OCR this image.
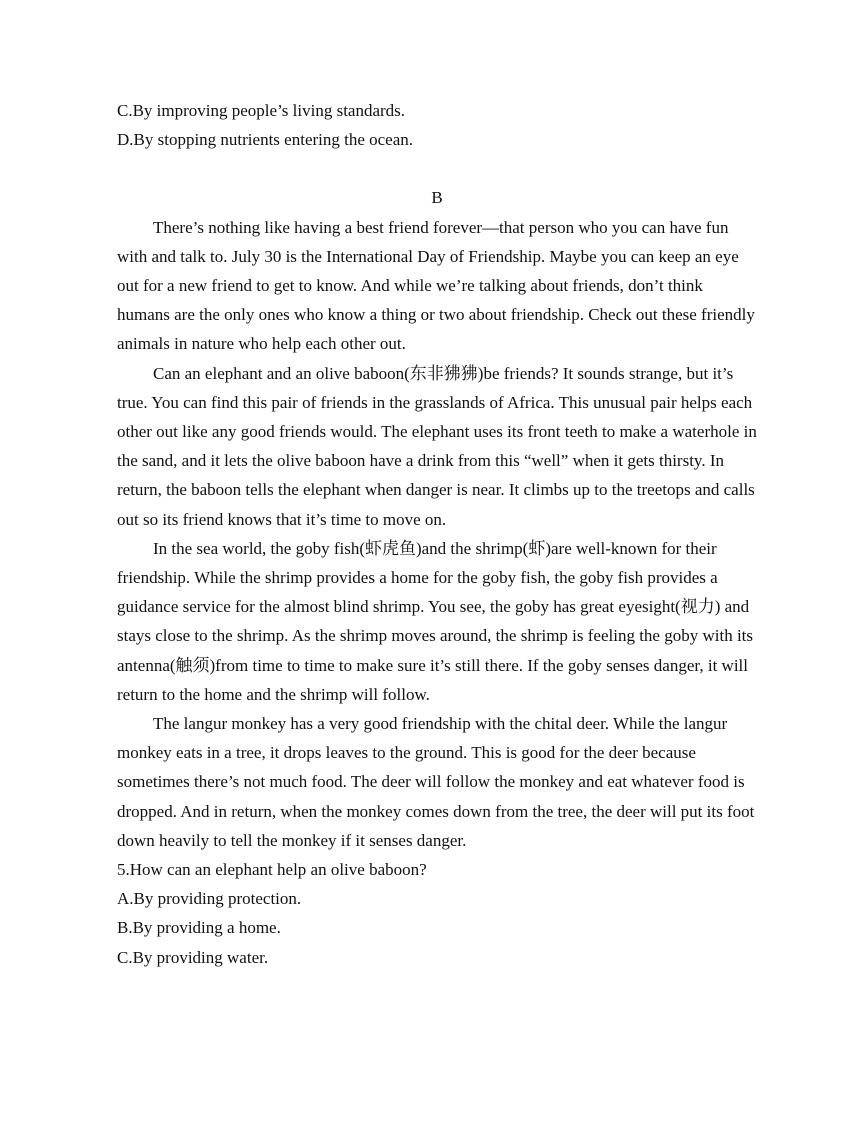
C.By improving people’s living standards.

D.By stopping nutrients entering the ocean.

B

There’s nothing like having a best friend forever—that person who you can have fun with and talk to. July 30 is the International Day of Friendship. Maybe you can keep an eye out for a new friend to get to know. And while we’re talking about friends, don’t think humans are the only ones who know a thing or two about friendship. Check out these friendly animals in nature who help each other out.

Can an elephant and an olive baboon(东非狒狒)be friends? It sounds strange, but it’s true. You can find this pair of friends in the grasslands of Africa. This unusual pair helps each other out like any good friends would. The elephant uses its front teeth to make a waterhole in the sand, and it lets the olive baboon have a drink from this “well” when it gets thirsty. In return, the baboon tells the elephant when danger is near. It climbs up to the treetops and calls out so its friend knows that it’s time to move on.

In the sea world, the goby fish(虾虎鱼)and the shrimp(虾)are well-known for their friendship. While the shrimp provides a home for the goby fish, the goby fish provides a guidance service for the almost blind shrimp. You see, the goby has great eyesight(视力) and stays close to the shrimp. As the shrimp moves around, the shrimp is feeling the goby with its antenna(触须)from time to time to make sure it’s still there. If the goby senses danger, it will return to the home and the shrimp will follow.

The langur monkey has a very good friendship with the chital deer. While the langur monkey eats in a tree, it drops leaves to the ground. This is good for the deer because sometimes there’s not much food. The deer will follow the monkey and eat whatever food is dropped. And in return, when the monkey comes down from the tree, the deer will put its foot down heavily to tell the monkey if it senses danger.

5.How can an elephant help an olive baboon?

A.By providing protection.

B.By providing a home.

C.By providing water.
